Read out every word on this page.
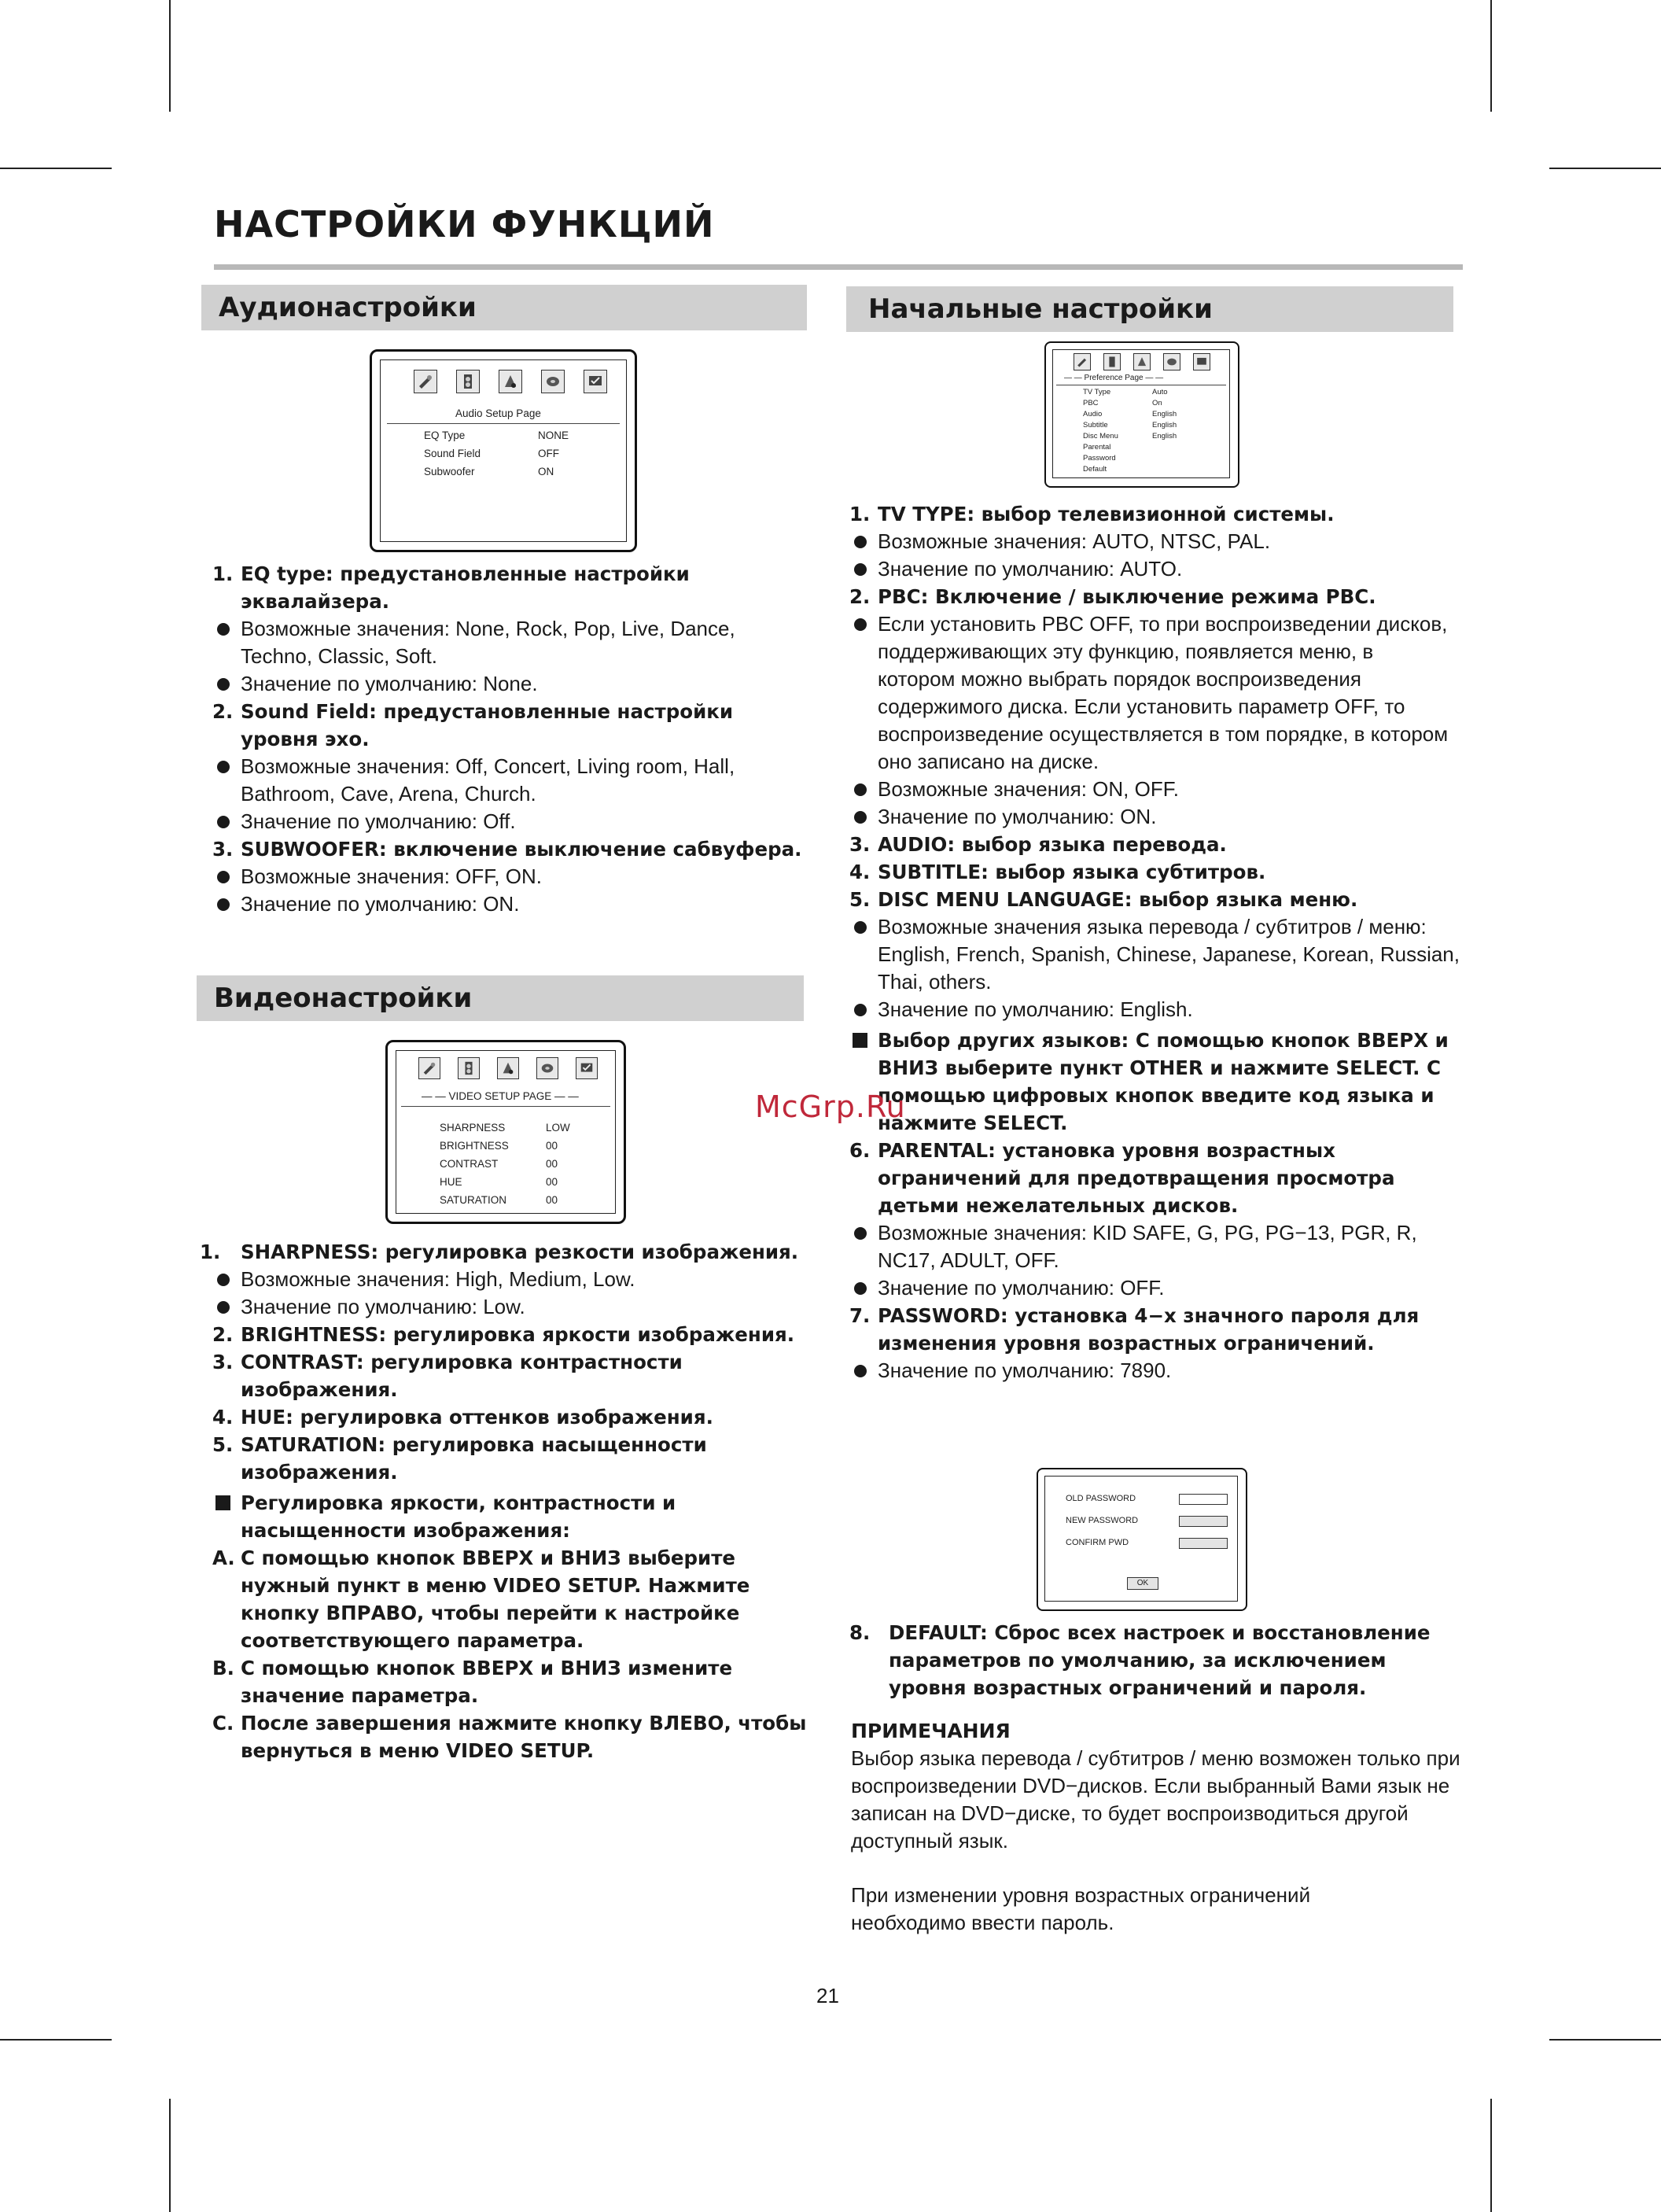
НАСТРОЙКИ ФУНКЦИЙ
Аудионастройки
Audio Setup Page
EQ Type	NONE
Sound Field	OFF
Subwoofer	ON
1. EQ type: предустановленные настройки эквалайзера.
Возможные значения: None, Rock, Pop, Live, Dance, Techno, Classic, Soft.
Значение по умолчанию: None.
2. Sound Field: предустановленные настройки уровня эхо.
Возможные значения: Off, Concert, Living room, Hall, Bathroom, Cave, Arena, Church.
Значение по умолчанию: Off.
3. SUBWOOFER: включение выключение сабвуфера.
Возможные значения: OFF, ON.
Значение по умолчанию: ON.
Видеонастройки
— — VIDEO SETUP PAGE — —
SHARPNESS	LOW
BRIGHTNESS	00
CONTRAST	00
HUE	00
SATURATION	00
1. SHARPNESS: регулировка резкости изображения.
Возможные значения: High, Medium, Low.
Значение по умолчанию: Low.
2. BRIGHTNESS: регулировка яркости изображения.
3. CONTRAST: регулировка контрастности изображения.
4. HUE: регулировка оттенков изображения.
5. SATURATION: регулировка насыщенности изображения.
Регулировка яркости, контрастности и насыщенности изображения:
A. С помощью кнопок ВВЕРХ и ВНИЗ выберите нужный пункт в меню VIDEO SETUP. Нажмите кнопку ВПРАВО, чтобы перейти к настройке соответствующего параметра.
B. С помощью кнопок ВВЕРХ и ВНИЗ измените значение параметра.
C. После завершения нажмите кнопку ВЛЕВО, чтобы вернуться в меню VIDEO SETUP.
Начальные настройки
— — Preference Page — —
TV Type	Auto
PBC	On
Audio	English
Subtitle	English
Disc Menu	English
Parental
Password
Default
1. TV TYPE: выбор телевизионной системы.
Возможные значения: AUTO, NTSC, PAL.
Значение по умолчанию: AUTO.
2. PBC: Включение / выключение режима PBC.
Если установить PBC OFF, то при воспроизведении дисков, поддерживающих эту функцию, появляется меню, в котором можно выбрать порядок воспроизведения содержимого диска. Если установить параметр OFF, то воспроизведение осуществляется в том порядке, в котором оно записано на диске.
Возможные значения: ON, OFF.
Значение по умолчанию: ON.
3. AUDIO: выбор языка перевода.
4. SUBTITLE: выбор языка субтитров.
5. DISC MENU LANGUAGE: выбор языка меню.
Возможные значения языка перевода / субтитров / меню: English, French, Spanish, Chinese, Japanese, Korean, Russian, Thai, others.
Значение по умолчанию: English.
Выбор других языков: С помощью кнопок ВВЕРХ и ВНИЗ выберите пункт OTHER и нажмите SELECT. С помощью цифровых кнопок введите код языка и нажмите SELECT.
6. PARENTAL: установка уровня возрастных ограничений для предотвращения просмотра детьми нежелательных дисков.
Возможные значения: KID SAFE, G, PG, PG−13, PGR, R, NC17, ADULT, OFF.
Значение по умолчанию: OFF.
7. PASSWORD: установка 4−х значного пароля для изменения уровня возрастных ограничений.
Значение по умолчанию: 7890.
OLD PASSWORD
NEW PASSWORD
CONFIRM PWD
OK
8. DEFAULT: Сброс всех настроек и восстановление параметров по умолчанию, за исключением уровня возрастных ограничений и пароля.
ПРИМЕЧАНИЯ
Выбор языка перевода / субтитров / меню возможен только при воспроизведении DVD−дисков. Если выбранный Вами язык не записан на DVD−диске, то будет воспроизводиться другой доступный язык.
При изменении уровня возрастных ограничений необходимо ввести пароль.
McGrp.Ru
21
